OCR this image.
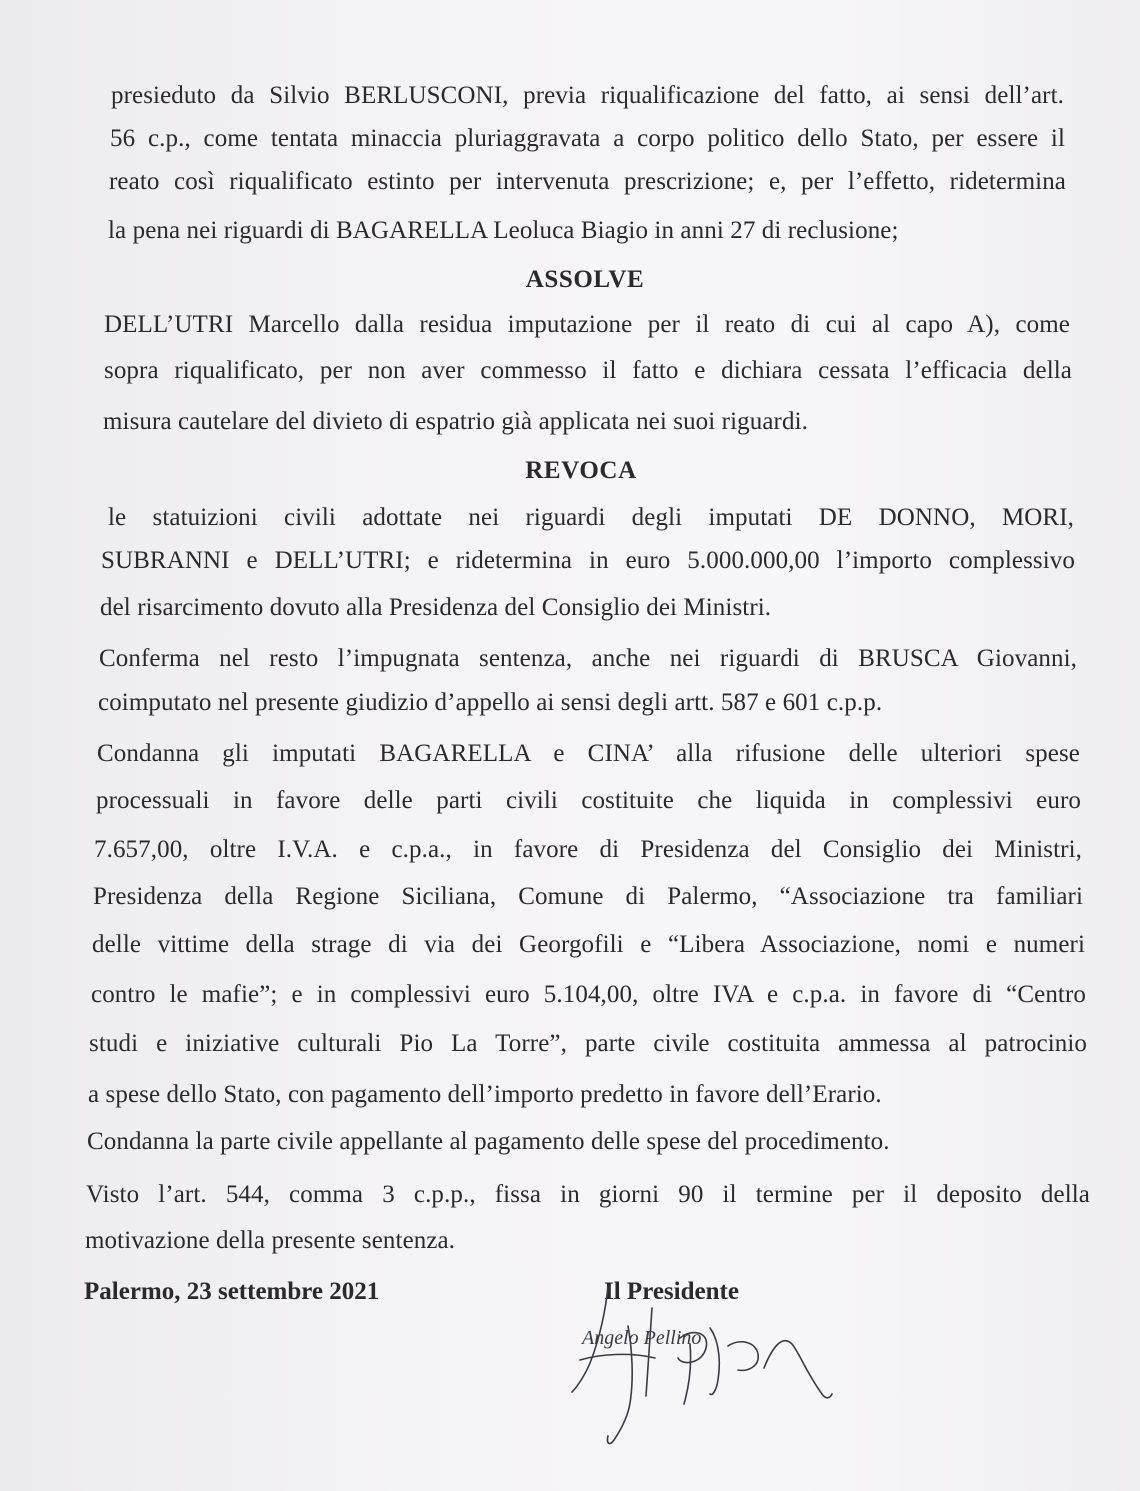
presieduto da Silvio BERLUSCONI, previa riqualificazione del fatto, ai sensi dell’art.
56 c.p., come tentata minaccia pluriaggravata a corpo politico dello Stato, per essere il
reato così riqualificato estinto per intervenuta prescrizione; e, per l’effetto, ridetermina
la pena nei riguardi di BAGARELLA Leoluca Biagio in anni 27 di reclusione;
ASSOLVE
DELL’UTRI Marcello dalla residua imputazione per il reato di cui al capo A), come
sopra riqualificato, per non aver commesso il fatto e dichiara cessata l’efficacia della
misura cautelare del divieto di espatrio già applicata nei suoi riguardi.
REVOCA
le statuizioni civili adottate nei riguardi degli imputati DE DONNO, MORI,
SUBRANNI e DELL’UTRI; e ridetermina in euro 5.000.000,00 l’importo complessivo
del risarcimento dovuto alla Presidenza del Consiglio dei Ministri.
Conferma nel resto l’impugnata sentenza, anche nei riguardi di BRUSCA Giovanni,
coimputato nel presente giudizio d’appello ai sensi degli artt. 587 e 601 c.p.p.
Condanna gli imputati BAGARELLA e CINA’ alla rifusione delle ulteriori spese
processuali in favore delle parti civili costituite che liquida in complessivi euro
7.657,00, oltre I.V.A. e c.p.a., in favore di Presidenza del Consiglio dei Ministri,
Presidenza della Regione Siciliana, Comune di Palermo, “Associazione tra familiari
delle vittime della strage di via dei Georgofili e “Libera Associazione, nomi e numeri
contro le mafie”; e in complessivi euro 5.104,00, oltre IVA e c.p.a. in favore di “Centro
studi e iniziative culturali Pio La Torre”, parte civile costituita ammessa al patrocinio
a spese dello Stato, con pagamento dell’importo predetto in favore dell’Erario.
Condanna la parte civile appellante al pagamento delle spese del procedimento.
Visto l’art. 544, comma 3 c.p.p., fissa in giorni 90 il termine per il deposito della
motivazione della presente sentenza.
Palermo, 23 settembre 2021	Il Presidente
Angelo Pellino
